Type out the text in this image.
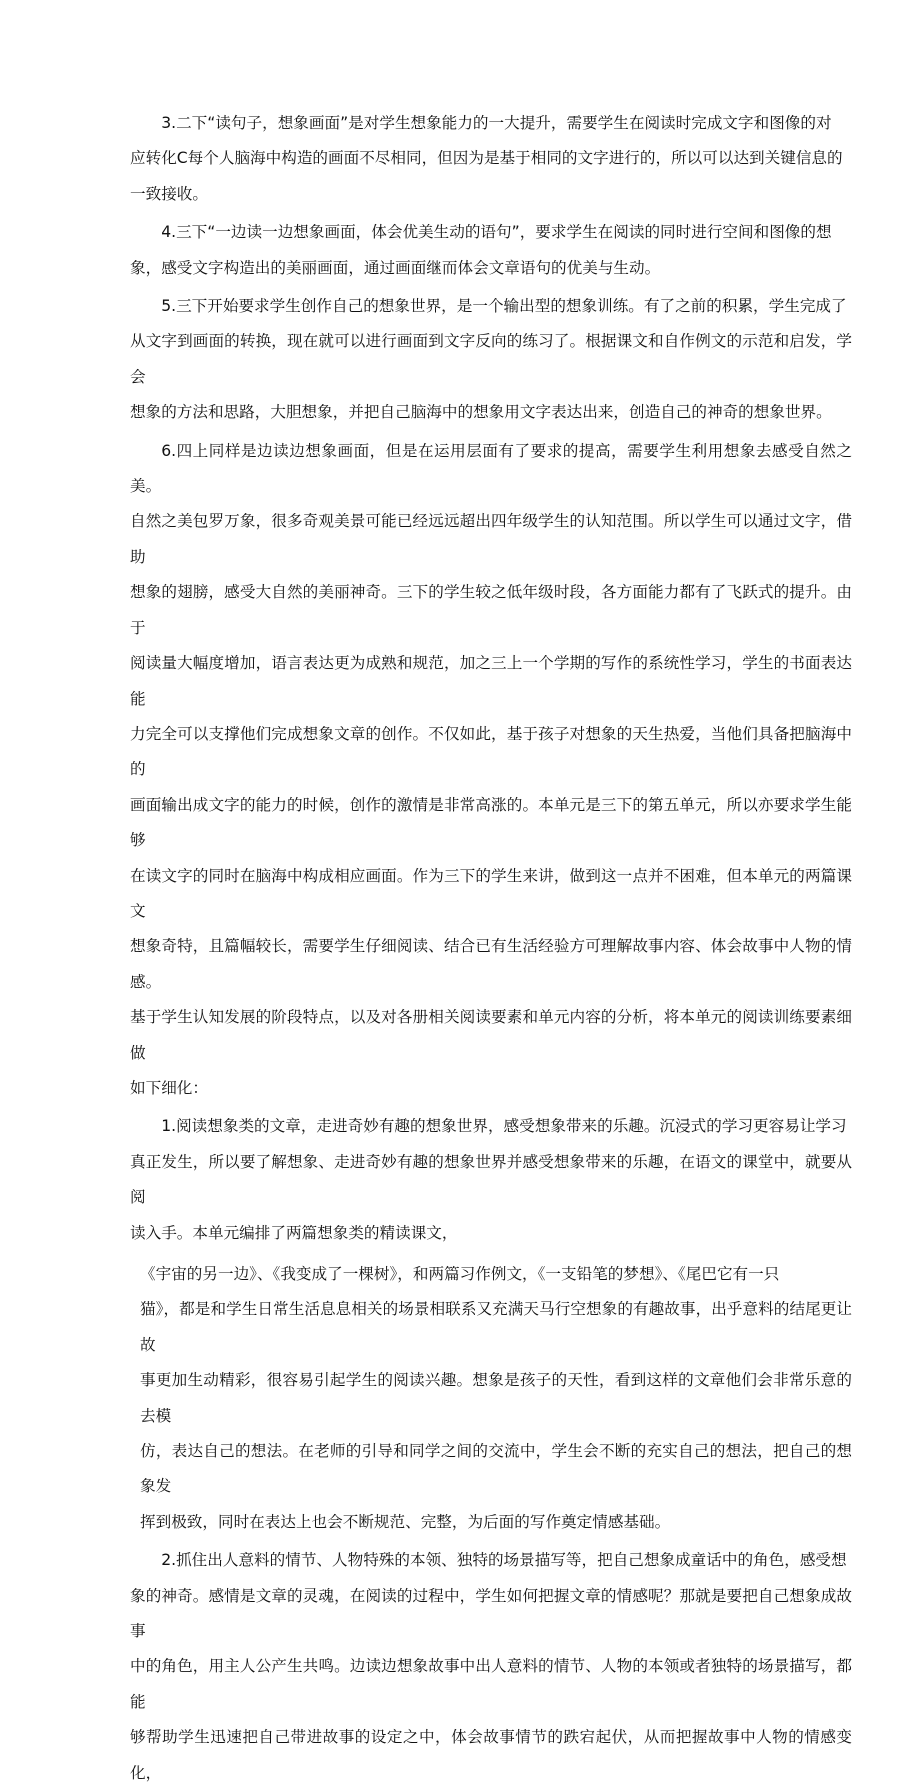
3.二下“读句子，想象画面”是对学生想象能力的一大提升，需要学生在阅读时完成文字和图像的对
应转化C每个人脑海中构造的画面不尽相同，但因为是基于相同的文字进行的，所以可以达到关键信息的
一致接收。

4.三下“一边读一边想象画面，体会优美生动的语句”，要求学生在阅读的同时进行空间和图像的想
象，感受文字构造出的美丽画面，通过画面继而体会文章语句的优美与生动。

5.三下开始要求学生创作自己的想象世界，是一个输出型的想象训练。有了之前的积累，学生完成了
从文字到画面的转换，现在就可以进行画面到文字反向的练习了。根据课文和自作例文的示范和启发，学会
想象的方法和思路，大胆想象，并把自己脑海中的想象用文字表达出来，创造自己的神奇的想象世界。

6.四上同样是边读边想象画面，但是在运用层面有了要求的提高，需要学生利用想象去感受自然之美。
自然之美包罗万象，很多奇观美景可能已经远远超出四年级学生的认知范围。所以学生可以通过文字，借助
想象的翅膀，感受大自然的美丽神奇。三下的学生较之低年级时段，各方面能力都有了飞跃式的提升。由于
阅读量大幅度增加，语言表达更为成熟和规范，加之三上一个学期的写作的系统性学习，学生的书面表达能
力完全可以支撑他们完成想象文章的创作。不仅如此，基于孩子对想象的天生热爱，当他们具备把脑海中的
画面输出成文字的能力的时候，创作的激情是非常高涨的。本单元是三下的第五单元，所以亦要求学生能够
在读文字的同时在脑海中构成相应画面。作为三下的学生来讲，做到这一点并不困难，但本单元的两篇课文
想象奇特，且篇幅较长，需要学生仔细阅读、结合已有生活经验方可理解故事内容、体会故事中人物的情感。
基于学生认知发展的阶段特点，以及对各册相关阅读要素和单元内容的分析，将本单元的阅读训练要素细做
如下细化：

1.阅读想象类的文章，走进奇妙有趣的想象世界，感受想象带来的乐趣。沉浸式的学习更容易让学习
真正发生，所以要了解想象、走进奇妙有趣的想象世界并感受想象带来的乐趣，在语文的课堂中，就要从阅
读入手。本单元编排了两篇想象类的精读课文，

《宇宙的另一边》、《我变成了一棵树》，和两篇习作例文，《一支铅笔的梦想》、《尾巴它有一只
猫》，都是和学生日常生活息息相关的场景相联系又充满天马行空想象的有趣故事，出乎意料的结尾更让故
事更加生动精彩，很容易引起学生的阅读兴趣。想象是孩子的天性，看到这样的文章他们会非常乐意的去模
仿，表达自己的想法。在老师的引导和同学之间的交流中，学生会不断的充实自己的想法，把自己的想象发
挥到极致，同时在表达上也会不断规范、完整，为后面的写作奠定情感基础。

2.抓住出人意料的情节、人物特殊的本领、独特的场景描写等，把自己想象成童话中的角色，感受想
象的神奇。感情是文章的灵魂，在阅读的过程中，学生如何把握文章的情感呢？那就是要把自己想象成故事
中的角色，用主人公产生共鸣。边读边想象故事中出人意料的情节、人物的本领或者独特的场景描写，都能
够帮助学生迅速把自己带进故事的设定之中，体会故事情节的跌宕起伏，从而把握故事中人物的情感变化，
